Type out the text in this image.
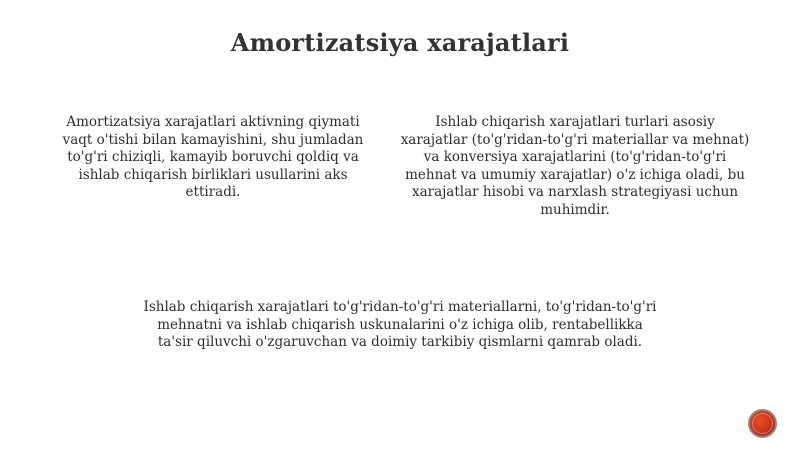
Amortizatsiya xarajatlari
Amortizatsiya xarajatlari aktivning qiymati vaqt o'tishi bilan kamayishini, shu jumladan to'g'ri chiziqli, kamayib boruvchi qoldiq va ishlab chiqarish birliklari usullarini aks ettiradi.
Ishlab chiqarish xarajatlari turlari asosiy xarajatlar (to'g'ridan-to'g'ri materiallar va mehnat) va konversiya xarajatlarini (to'g'ridan-to'g'ri mehnat va umumiy xarajatlar) o'z ichiga oladi, bu xarajatlar hisobi va narxlash strategiyasi uchun muhimdir.
Ishlab chiqarish xarajatlari to'g'ridan-to'g'ri materiallarni, to'g'ridan-to'g'ri mehnatni va ishlab chiqarish uskunalarini o'z ichiga olib, rentabellikka ta'sir qiluvchi o'zgaruvchan va doimiy tarkibiy qismlarni qamrab oladi.
